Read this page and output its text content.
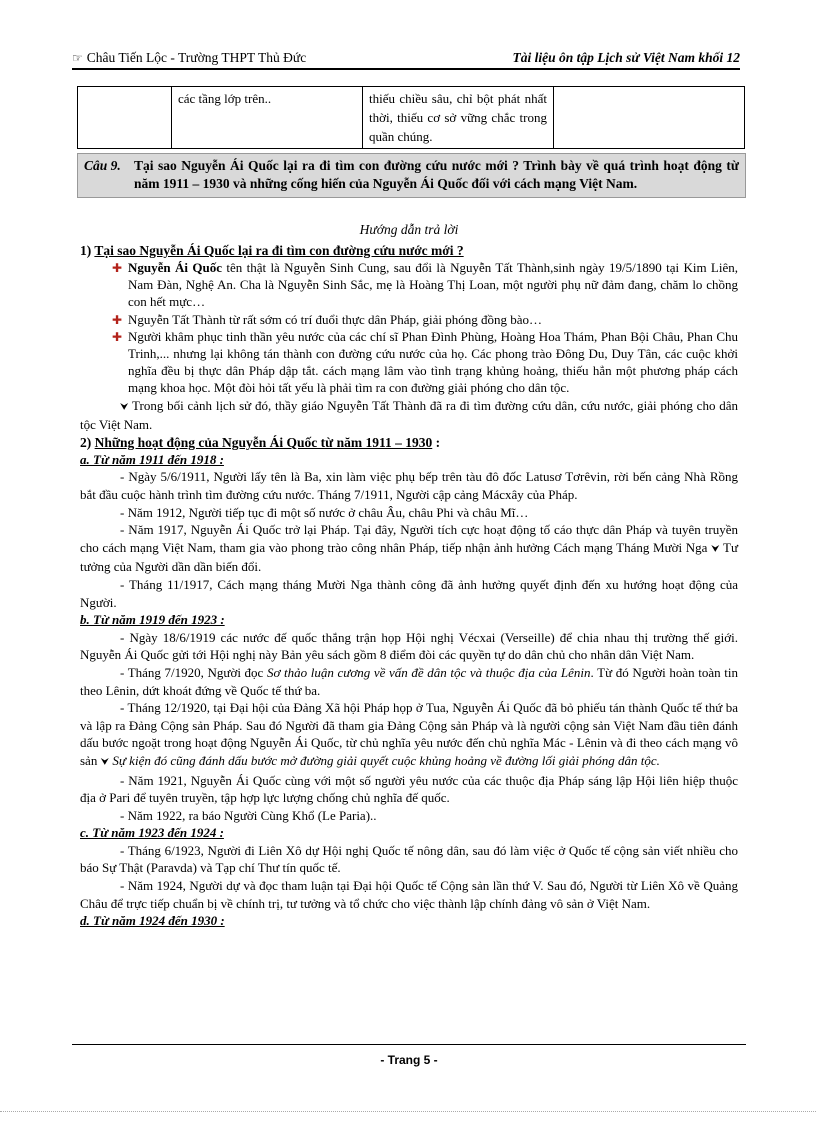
☞ Châu Tiến Lộc - Trường THPT Thủ Đức	Tài liệu ôn tập Lịch sử Việt Nam khối 12
	các tầng lớp trên..	thiếu chiều sâu, chỉ bột phát nhất thời, thiếu cơ sở vững chắc trong quần chúng.	
Câu 9. Tại sao Nguyễn Ái Quốc lại ra đi tìm con đường cứu nước mới ? Trình bày về quá trình hoạt động từ năm 1911 – 1930 và những cống hiến của Nguyễn Ái Quốc đối với cách mạng Việt Nam.
Hướng dẫn trả lời
1) Tại sao Nguyễn Ái Quốc lại ra đi tìm con đường cứu nước mới ?
✚ Nguyễn Ái Quốc tên thật là Nguyễn Sinh Cung, sau đổi là Nguyễn Tất Thành,sinh ngày 19/5/1890 tại Kim Liên, Nam Đàn, Nghệ An. Cha là Nguyễn Sinh Sắc, mẹ là Hoàng Thị Loan, một người phụ nữ đảm đang, chăm lo chồng con hết mực…
✚ Nguyễn Tất Thành từ rất sớm có trí đuổi thực dân Pháp, giải phóng đồng bào…
✚ Người khâm phục tinh thần yêu nước của các chí sĩ Phan Đình Phùng, Hoàng Hoa Thám, Phan Bội Châu, Phan Chu Trinh,... nhưng lại không tán thành con đường cứu nước của họ. Các phong trào Đông Du, Duy Tân, các cuộc khởi nghĩa đều bị thực dân Pháp dập tắt. cách mạng lâm vào tình trạng khủng hoảng, thiếu hẳn một phương pháp cách mạng khoa học. Một đòi hỏi tất yếu là phải tìm ra con đường giải phóng cho dân tộc.
⮟ Trong bối cảnh lịch sử đó, thầy giáo Nguyễn Tất Thành đã ra đi tìm đường cứu dân, cứu nước, giải phóng cho dân tộc Việt Nam.
2) Những hoạt động của Nguyễn Ái Quốc từ năm 1911 – 1930 :
a. Từ năm 1911 đến 1918 :
- Ngày 5/6/1911, Người lấy tên là Ba, xin làm việc phụ bếp trên tàu đô đốc Latusơ Tơrêvin, rời bến cảng Nhà Rồng bắt đầu cuộc hành trình tìm đường cứu nước. Tháng 7/1911, Người cập cảng Mácxây của Pháp.
- Năm 1912, Người tiếp tục đi một số nước ở châu Âu, châu Phi và châu Mĩ…
- Năm 1917, Nguyễn Ái Quốc trở lại Pháp. Tại đây, Người tích cực hoạt động tố cáo thực dân Pháp và tuyên truyền cho cách mạng Việt Nam, tham gia vào phong trào công nhân Pháp, tiếp nhận ảnh hưởng Cách mạng Tháng Mười Nga ⮟ Tư tưởng của Người dần dần biến đổi.
- Tháng 11/1917, Cách mạng tháng Mười Nga thành công đã ảnh hưởng quyết định đến xu hướng hoạt động của Người.
b. Từ năm 1919 đến 1923 :
- Ngày 18/6/1919 các nước đế quốc thắng trận họp Hội nghị Vécxai (Verseille) để chia nhau thị trường thế giới. Nguyễn Ái Quốc gửi tới Hội nghị này Bản yêu sách gồm 8 điểm đòi các quyền tự do dân chủ cho nhân dân Việt Nam.
- Tháng 7/1920, Người đọc Sơ thảo luận cương về vấn đề dân tộc và thuộc địa của Lênin. Từ đó Người hoàn toàn tin theo Lênin, dứt khoát đứng về Quốc tế thứ ba.
- Tháng 12/1920, tại Đại hội của Đảng Xã hội Pháp họp ở Tua, Nguyễn Ái Quốc đã bỏ phiếu tán thành Quốc tế thứ ba và lập ra Đảng Cộng sản Pháp. Sau đó Người đã tham gia Đảng Cộng sản Pháp và là người cộng sản Việt Nam đầu tiên đánh dấu bước ngoặt trong hoạt động Nguyễn Ái Quốc, từ chủ nghĩa yêu nước đến chủ nghĩa Mác - Lênin và đi theo cách mạng vô sản ⮟ Sự kiện đó cũng đánh dấu bước mở đường giải quyết cuộc khủng hoảng về đường lối giải phóng dân tộc.
- Năm 1921, Nguyễn Ái Quốc cùng với một số người yêu nước của các thuộc địa Pháp sáng lập Hội liên hiệp thuộc địa ở Pari để tuyên truyền, tập hợp lực lượng chống chủ nghĩa đế quốc.
- Năm 1922, ra báo Người Cùng Khổ (Le Paria)..
c. Từ năm 1923 đến 1924 :
- Tháng 6/1923, Người đi Liên Xô dự Hội nghị Quốc tế nông dân, sau đó làm việc ở Quốc tế cộng sản viết nhiều cho báo Sự Thật (Paravda) và Tạp chí Thư tín quốc tế.
- Năm 1924, Người dự và đọc tham luận tại Đại hội Quốc tế Cộng sản lần thứ V. Sau đó, Người từ Liên Xô về Quảng Châu để trực tiếp chuẩn bị về chính trị, tư tưởng và tổ chức cho việc thành lập chính đảng vô sản ở Việt Nam.
d. Từ năm 1924 đến 1930 :
- Trang 5 -
